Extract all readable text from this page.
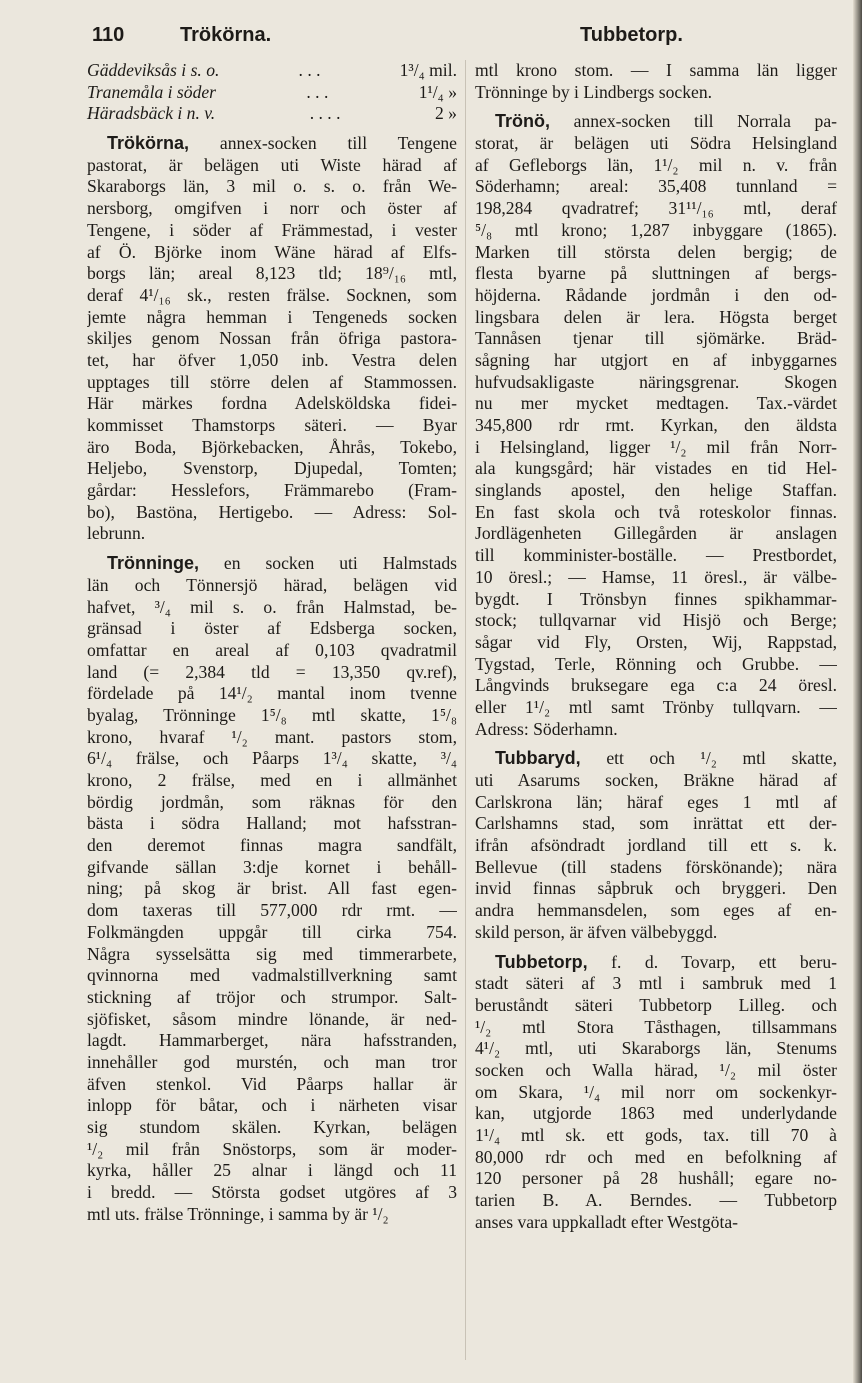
110	Trökörna.	Tubbetorp.
Gäddeviksås i s. o.	. . .	1³/₄ mil.
Tranemåla i söder	. . .	1¹/₄ »
Häradsbäck i n. v.	. . . .	2 »
Trökörna, annex-socken till Tengene
pastorat, är belägen uti Wiste härad af
Skaraborgs län, 3 mil o. s. o. från We-
nersborg, omgifven i norr och öster af
Tengene, i söder af Främmestad, i vester
af Ö. Björke inom Wäne härad af Elfs-
borgs län; areal 8,123 tld; 18⁹/₁₆ mtl,
deraf 4¹/₁₆ sk., resten frälse. Socknen, som
jemte några hemman i Tengeneds socken
skiljes genom Nossan från öfriga pastora-
tet, har öfver 1,050 inb. Vestra delen
upptages till större delen af Stammossen.
Här märkes fordna Adelsköldska fidei-
kommisset Thamstorps säteri. — Byar
äro Boda, Björkebacken, Åhrås, Tokebo,
Heljebo, Svenstorp, Djupedal, Tomten;
gårdar: Hesslefors, Främmarebo (Fram-
bo), Bastöna, Hertigebo. — Adress: Sol-
lebrunn.
Trönninge, en socken uti Halmstads
län och Tönnersjö härad, belägen vid
hafvet, ³/₄ mil s. o. från Halmstad, be-
gränsad i öster af Edsberga socken,
omfattar en areal af 0,103 qvadratmil
land (= 2,384 tld = 13,350 qv.ref),
fördelade på 14¹/₂ mantal inom tvenne
byalag, Trönninge 1⁵/₈ mtl skatte, 1⁵/₈
krono, hvaraf ¹/₂ mant. pastors stom,
6¹/₄ frälse, och Påarps 1³/₄ skatte, ³/₄
krono, 2 frälse, med en i allmänhet
bördig jordmån, som räknas för den
bästa i södra Halland; mot hafsstran-
den deremot finnas magra sandfält,
gifvande sällan 3:dje kornet i behåll-
ning; på skog är brist. All fast egen-
dom taxeras till 577,000 rdr rmt. —
Folkmängden uppgår till cirka 754.
Några sysselsätta sig med timmerarbete,
qvinnorna med vadmalstillverkning samt
stickning af tröjor och strumpor. Salt-
sjöfisket, såsom mindre lönande, är ned-
lagdt. Hammarberget, nära hafsstranden,
innehåller god murstén, och man tror
äfven stenkol. Vid Påarps hallar är
inlopp för båtar, och i närheten visar
sig stundom skälen. Kyrkan, belägen
¹/₂ mil från Snöstorps, som är moder-
kyrka, håller 25 alnar i längd och 11
i bredd. — Största godset utgöres af 3
mtl uts. frälse Trönninge, i samma by är ¹/₂
mtl krono stom. — I samma län ligger
Trönninge by i Lindbergs socken.
Trönö, annex-socken till Norrala pa-
storat, är belägen uti Södra Helsingland
af Gefleborgs län, 1¹/₂ mil n. v. från
Söderhamn; areal: 35,408 tunnland =
198,284 qvadratref; 31¹¹/₁₆ mtl, deraf
⁵/₈ mtl krono; 1,287 inbyggare (1865).
Marken till största delen bergig; de
flesta byarne på sluttningen af bergs-
höjderna. Rådande jordmån i den od-
lingsbara delen är lera. Högsta berget
Tannåsen tjenar till sjömärke. Bräd-
sågning har utgjort en af inbyggarnes
hufvudsakligaste näringsgrenar. Skogen
nu mer mycket medtagen. Tax.-värdet
345,800 rdr rmt. Kyrkan, den äldsta
i Helsingland, ligger ¹/₂ mil från Norr-
ala kungsgård; här vistades en tid Hel-
singlands apostel, den helige Staffan.
En fast skola och två roteskolor finnas.
Jordlägenheten Gillegården är anslagen
till komminister-boställe. — Prestbordet,
10 öresl.; — Hamse, 11 öresl., är välbe-
bygdt. I Trönsbyn finnes spikhammar-
stock; tullqvarnar vid Hisjö och Berge;
sågar vid Fly, Orsten, Wij, Rappstad,
Tygstad, Terle, Rönning och Grubbe. —
Långvinds bruksegare ega c:a 24 öresl.
eller 1¹/₂ mtl samt Trönby tullqvarn. —
Adress: Söderhamn.
Tubbaryd, ett och ¹/₂ mtl skatte,
uti Asarums socken, Bräkne härad af
Carlskrona län; häraf eges 1 mtl af
Carlshamns stad, som inrättat ett der-
ifrån afsöndradt jordland till ett s. k.
Bellevue (till stadens förskönande); nära
invid finnas såpbruk och bryggeri. Den
andra hemmansdelen, som eges af en-
skild person, är äfven välbebyggd.
Tubbetorp, f. d. Tovarp, ett beru-
stadt säteri af 3 mtl i sambruk med 1
beruståndt säteri Tubbetorp Lilleg. och
¹/₂ mtl Stora Tåsthagen, tillsammans
4¹/₂ mtl, uti Skaraborgs län, Stenums
socken och Walla härad, ¹/₂ mil öster
om Skara, ¹/₄ mil norr om sockenkyr-
kan, utgjorde 1863 med underlydande
1¹/₄ mtl sk. ett gods, tax. till 70 à
80,000 rdr och med en befolkning af
120 personer på 28 hushåll; egare no-
tarien B. A. Berndes. — Tubbetorp
anses vara uppkalladt efter Westgöta-
